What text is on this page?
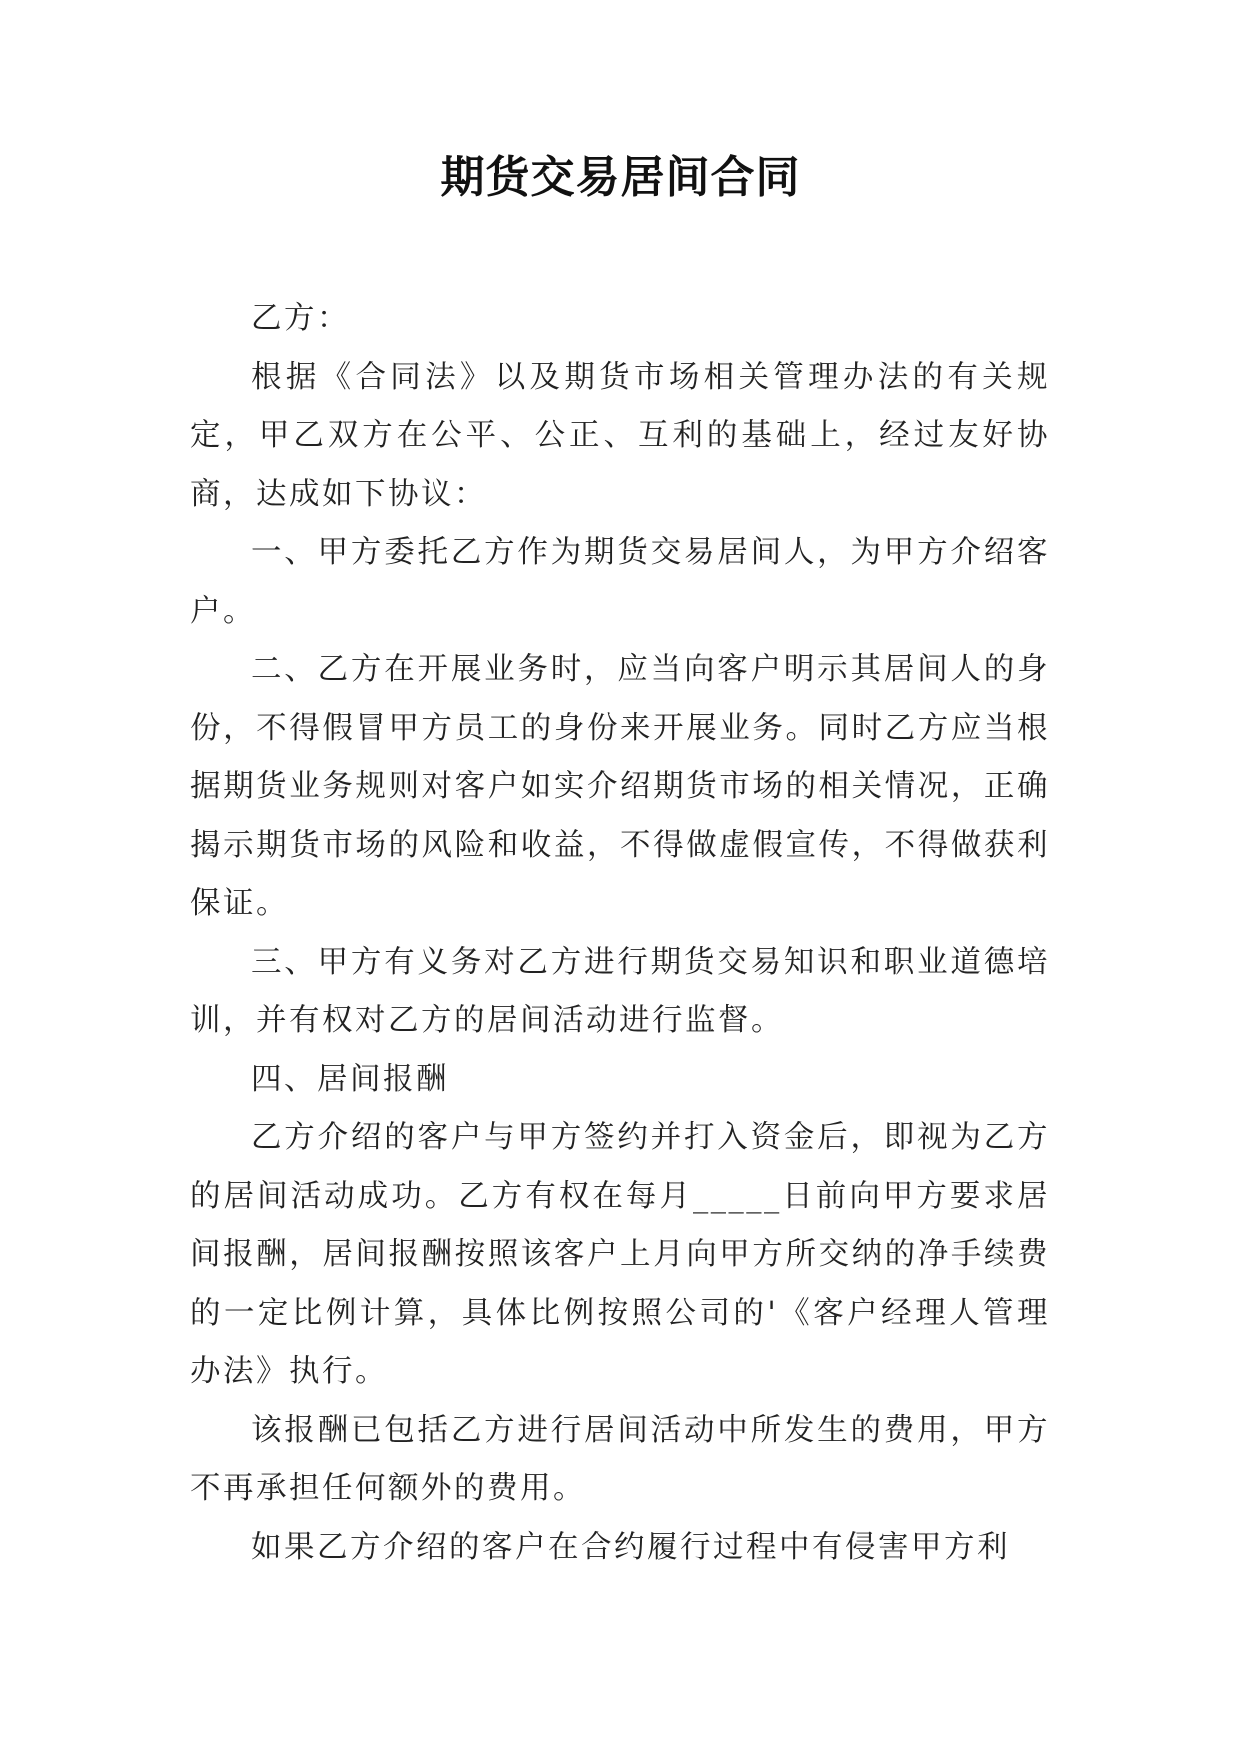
期货交易居间合同

乙方：

根据《合同法》以及期货市场相关管理办法的有关规定，甲乙双方在公平、公正、互利的基础上，经过友好协商，达成如下协议：

一、甲方委托乙方作为期货交易居间人，为甲方介绍客户。

二、乙方在开展业务时，应当向客户明示其居间人的身份，不得假冒甲方员工的身份来开展业务。同时乙方应当根据期货业务规则对客户如实介绍期货市场的相关情况，正确揭示期货市场的风险和收益，不得做虚假宣传，不得做获利保证。

三、甲方有义务对乙方进行期货交易知识和职业道德培训，并有权对乙方的居间活动进行监督。

四、居间报酬

乙方介绍的客户与甲方签约并打入资金后，即视为乙方的居间活动成功。乙方有权在每月_____日前向甲方要求居间报酬，居间报酬按照该客户上月向甲方所交纳的净手续费的一定比例计算，具体比例按照公司的'《客户经理人管理办法》执行。

该报酬已包括乙方进行居间活动中所发生的费用，甲方不再承担任何额外的费用。

如果乙方介绍的客户在合约履行过程中有侵害甲方利
